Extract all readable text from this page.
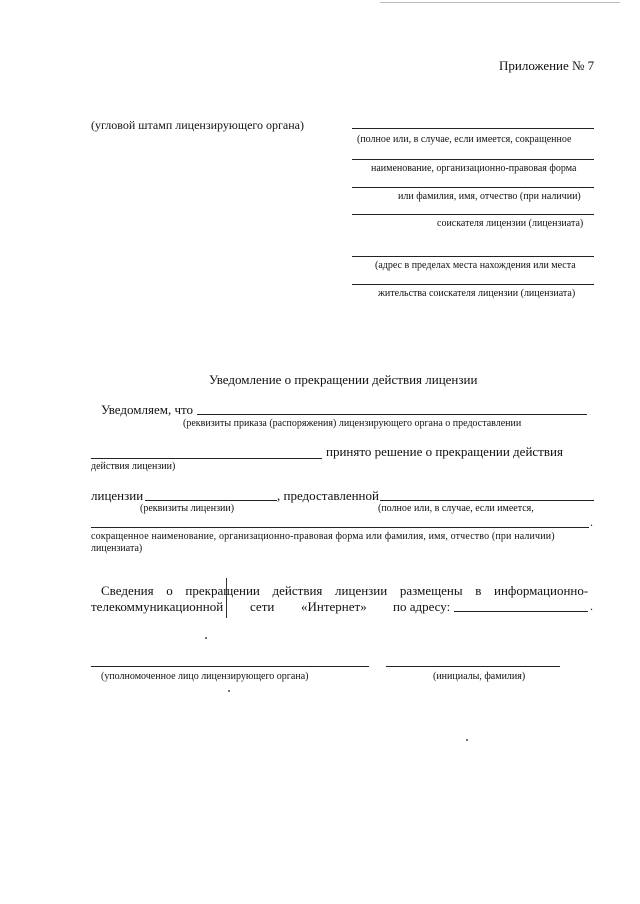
Приложение № 7
(угловой штамп лицензирующего органа)
(полное или, в случае, если имеется, сокращенное
наименование, организационно-правовая форма
или фамилия, имя, отчество (при наличии)
соискателя лицензии (лицензиата)
(адрес в пределах места нахождения или места
жительства соискателя лицензии (лицензиата)
Уведомление о прекращении действия лицензии
Уведомляем, что
(реквизиты приказа (распоряжения) лицензирующего органа о предоставлении
принято решение о прекращении действия
действия лицензии)
лицензии	, предоставленной
(реквизиты лицензии)	(полное или, в случае, если имеется,
.
сокращенное наименование, организационно-правовая форма или фамилия, имя, отчество (при наличии)
лицензиата)
Сведения о прекращении действия лицензии размещены в информационно-
телекоммуникационной сети «Интернет» по адресу:	.
(уполномоченное лицо лицензирующего органа)	(инициалы, фамилия)
